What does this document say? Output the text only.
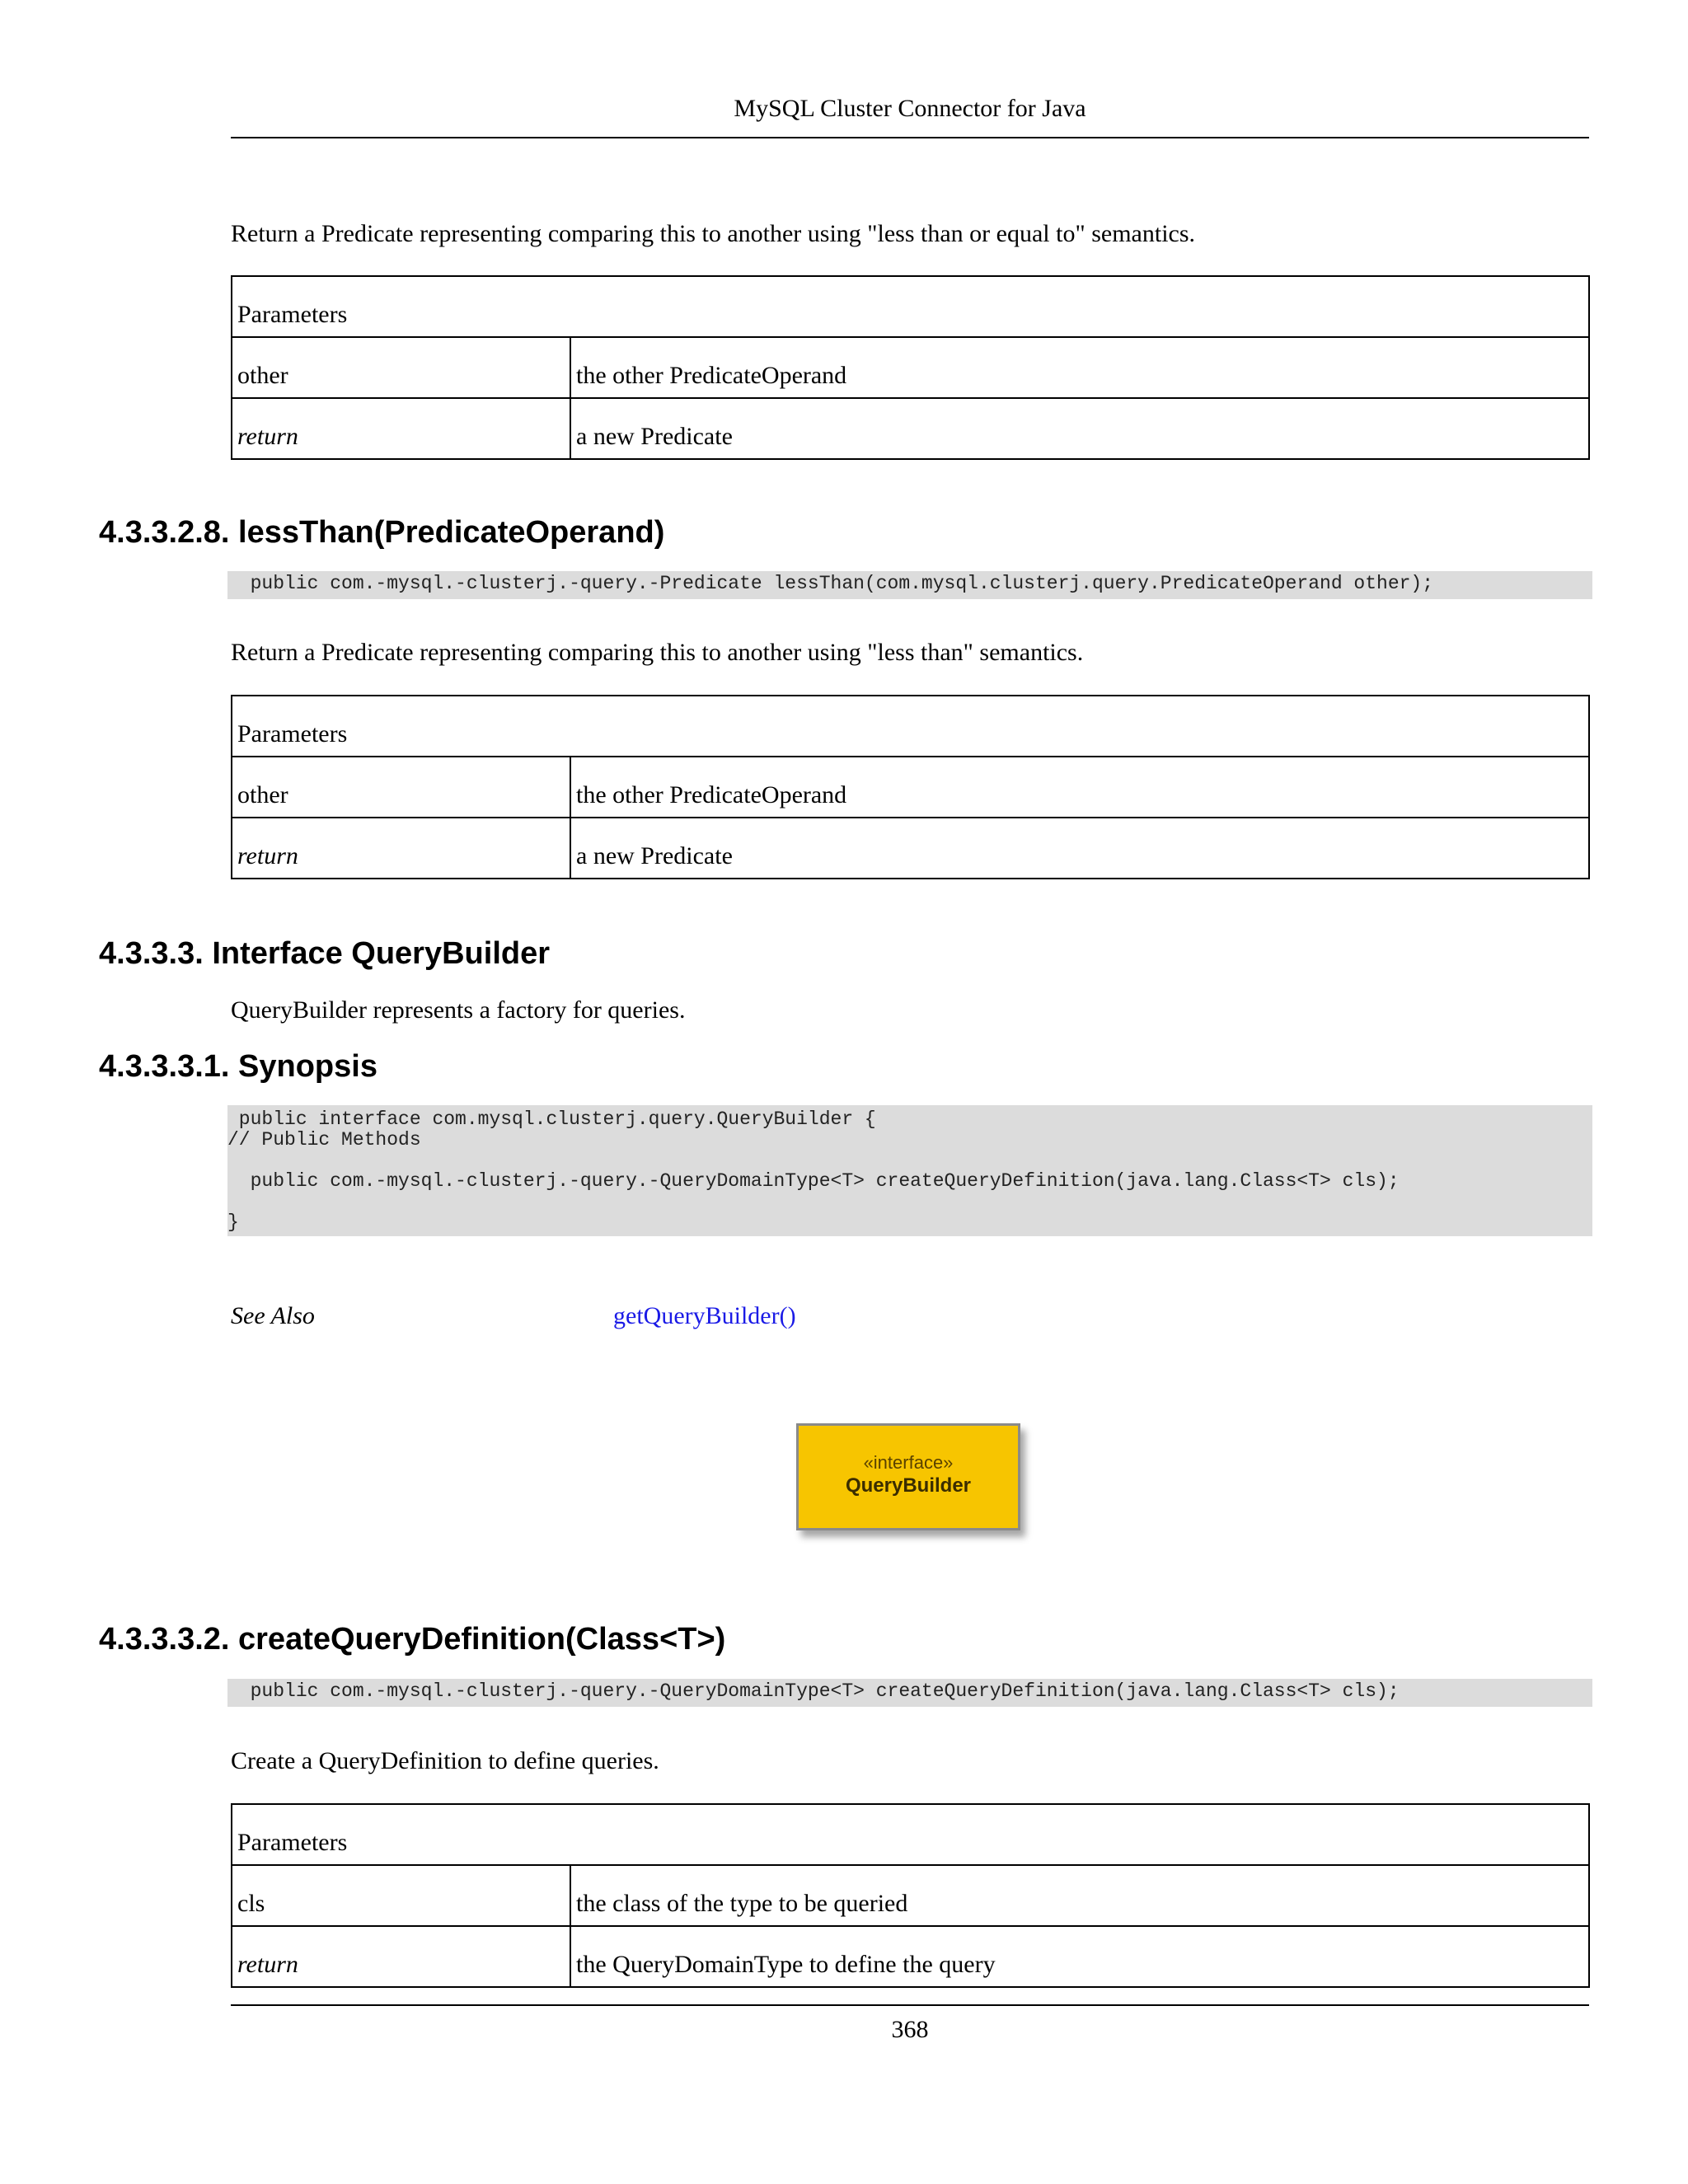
MySQL Cluster Connector for Java

Return a Predicate representing comparing this to another using "less than or equal to" semantics.

Parameters	
other	the other PredicateOperand
return	a new Predicate
4.3.3.2.8. lessThan(PredicateOperand)
public com.-mysql.-clusterj.-query.-Predicate lessThan(com.mysql.clusterj.query.PredicateOperand other);

Return a Predicate representing comparing this to another using "less than" semantics.

Parameters	
other	the other PredicateOperand
return	a new Predicate
4.3.3.3. Interface QueryBuilder

QueryBuilder represents a factory for queries.

4.3.3.3.1. Synopsis
public interface com.mysql.clusterj.query.QueryBuilder {
// Public Methods
public com.-mysql.-clusterj.-query.-QueryDomainType<T> createQueryDefinition(java.lang.Class<T> cls);
}
See Also	getQueryBuilder()
«interface»
QueryBuilder
4.3.3.3.2. createQueryDefinition(Class<T>)
public com.-mysql.-clusterj.-query.-QueryDomainType<T> createQueryDefinition(java.lang.Class<T> cls);

Create a QueryDefinition to define queries.

Parameters	
cls	the class of the type to be queried
return	the QueryDomainType to define the query
368
